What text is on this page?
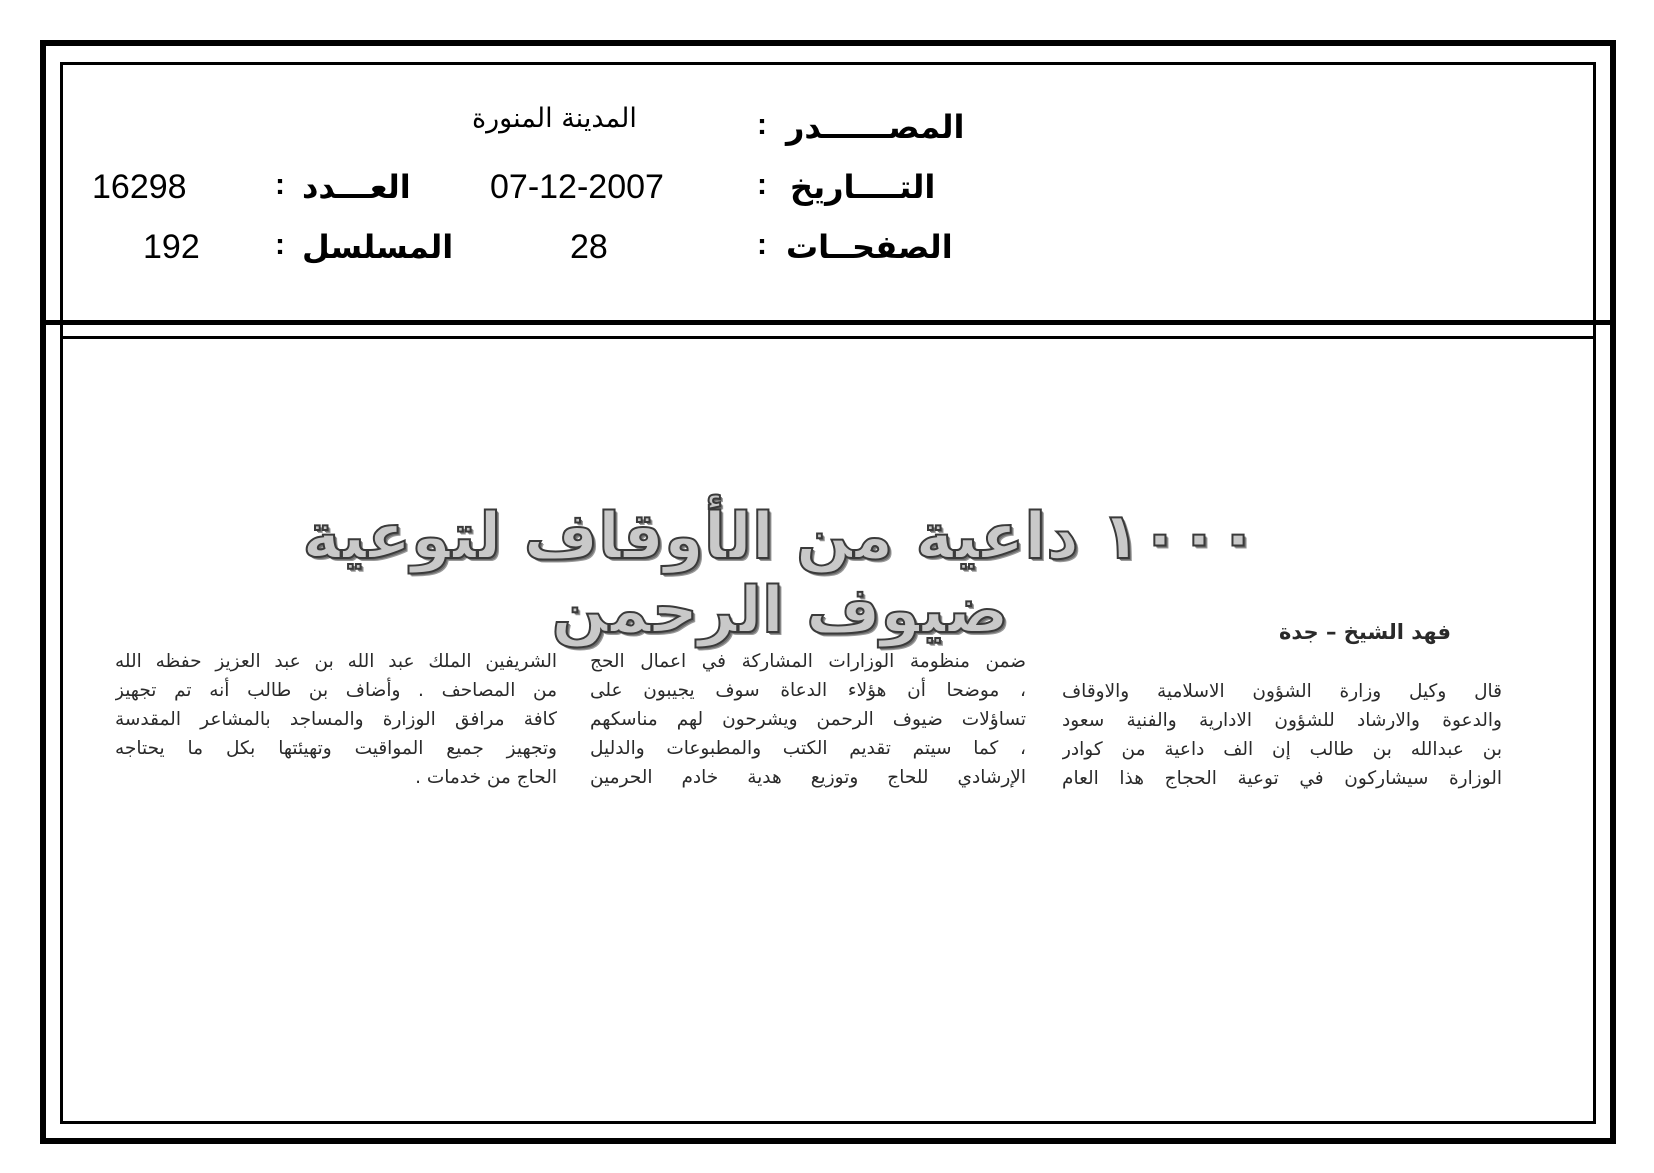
المصــــــدر
:
المدينة المنورة
التــــاريخ
:
07-12-2007
العـــدد
:
16298
الصفحــات
:
28
المسلسل
:
192
١٠٠٠ داعية من الأوقاف لتوعية ضيوف الرحمن	فهد الشيخ – جدة
قال وكيل وزارة الشؤون الاسلامية والاوقاف
والدعوة والارشاد للشؤون الادارية والفنية سعود
بن عبدالله بن طالب إن الف داعية من كوادر
الوزارة سيشاركون في توعية الحجاج هذا العام
ضمن منظومة الوزارات المشاركة في اعمال الحج
، موضحا أن هؤلاء الدعاة سوف يجيبون على
تساؤلات ضيوف الرحمن ويشرحون لهم مناسكهم
، كما سيتم تقديم الكتب والمطبوعات والدليل
الإرشادي للحاج وتوزيع هدية خادم الحرمين
الشريفين الملك عبد الله بن عبد العزيز حفظه الله
من المصاحف . وأضاف بن طالب أنه تم تجهيز
كافة مرافق الوزارة والمساجد بالمشاعر المقدسة
وتجهيز جميع المواقيت وتهيئتها بكل ما يحتاجه
الحاج من خدمات .
